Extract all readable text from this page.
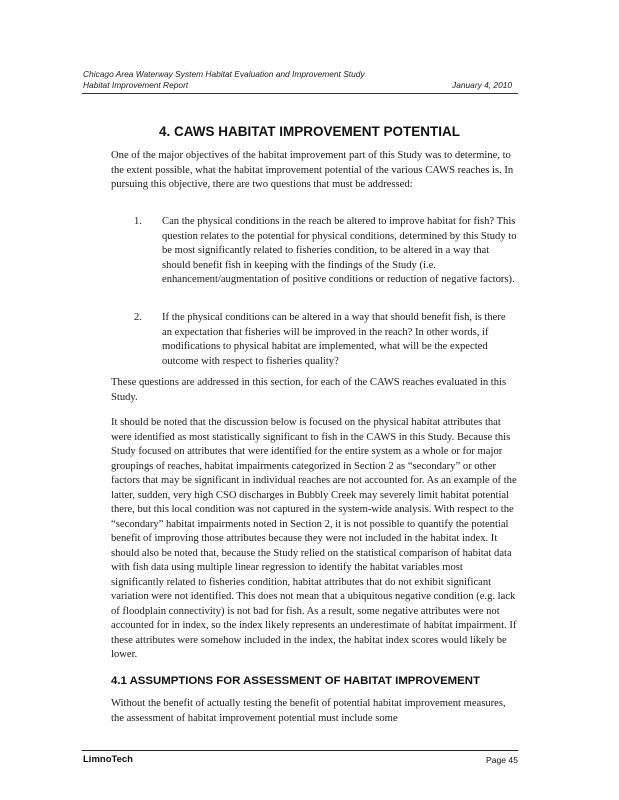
Chicago Area Waterway System Habitat Evaluation and Improvement Study
Habitat Improvement Report	January 4, 2010
4. CAWS HABITAT IMPROVEMENT POTENTIAL

One of the major objectives of the habitat improvement part of this Study was to determine, to the extent possible, what the habitat improvement potential of the various CAWS reaches is. In pursuing this objective, there are two questions that must be addressed:

1. Can the physical conditions in the reach be altered to improve habitat for fish? This question relates to the potential for physical conditions, determined by this Study to be most significantly related to fisheries condition, to be altered in a way that should benefit fish in keeping with the findings of the Study (i.e. enhancement/augmentation of positive conditions or reduction of negative factors).
2. If the physical conditions can be altered in a way that should benefit fish, is there an expectation that fisheries will be improved in the reach? In other words, if modifications to physical habitat are implemented, what will be the expected outcome with respect to fisheries quality?

These questions are addressed in this section, for each of the CAWS reaches evaluated in this Study.

It should be noted that the discussion below is focused on the physical habitat attributes that were identified as most statistically significant to fish in the CAWS in this Study. Because this Study focused on attributes that were identified for the entire system as a whole or for major groupings of reaches, habitat impairments categorized in Section 2 as “secondary” or other factors that may be significant in individual reaches are not accounted for. As an example of the latter, sudden, very high CSO discharges in Bubbly Creek may severely limit habitat potential there, but this local condition was not captured in the system-wide analysis. With respect to the “secondary” habitat impairments noted in Section 2, it is not possible to quantify the potential benefit of improving those attributes because they were not included in the habitat index. It should also be noted that, because the Study relied on the statistical comparison of habitat data with fish data using multiple linear regression to identify the habitat variables most significantly related to fisheries condition, habitat attributes that do not exhibit significant variation were not identified. This does not mean that a ubiquitous negative condition (e.g. lack of floodplain connectivity) is not bad for fish. As a result, some negative attributes were not accounted for in index, so the index likely represents an underestimate of habitat impairment. If these attributes were somehow included in the index, the habitat index scores would likely be lower.

4.1 ASSUMPTIONS FOR ASSESSMENT OF HABITAT IMPROVEMENT

Without the benefit of actually testing the benefit of potential habitat improvement measures, the assessment of habitat improvement potential must include some

LimnoTech	Page 45
